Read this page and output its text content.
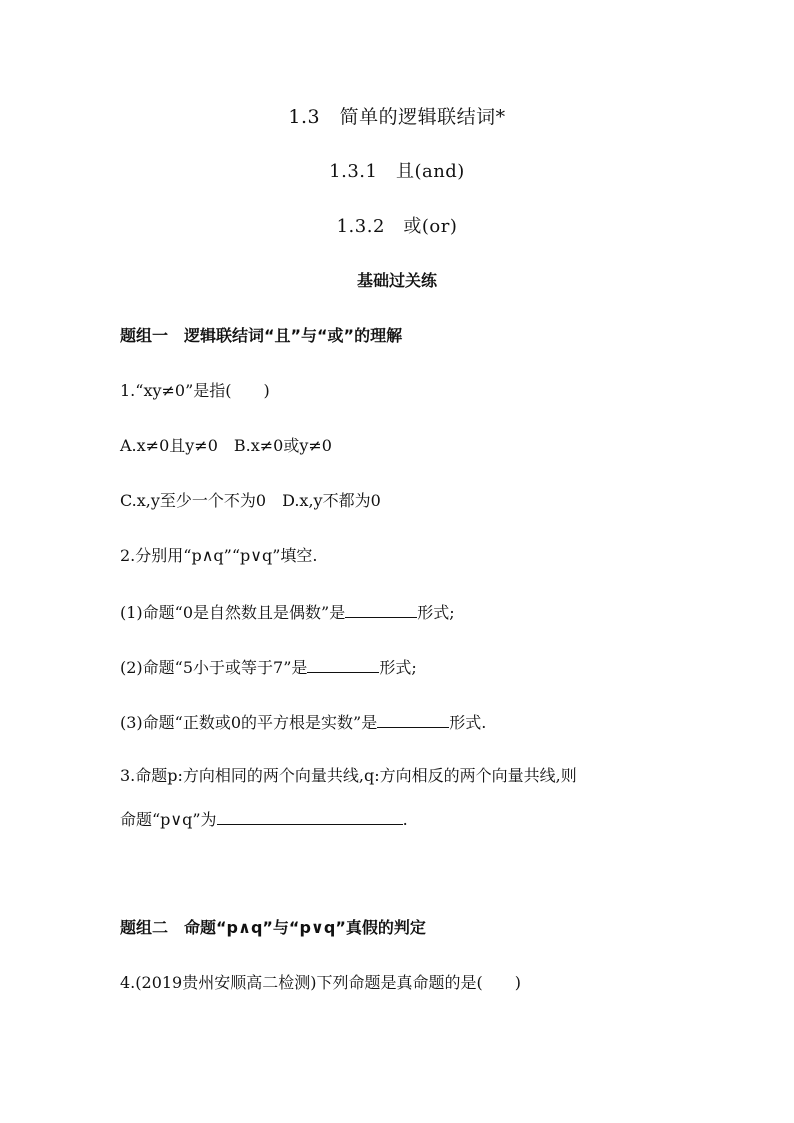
1.3　简单的逻辑联结词*
1.3.1　且(and)
1.3.2　或(or)
基础过关练
题组一　逻辑联结词“且”与“或”的理解
1.“xy≠0”是指(　　)
A.x≠0且y≠0　B.x≠0或y≠0
C.x,y至少一个不为0　D.x,y不都为0
2.分别用“p∧q”“p∨q”填空.
(1)命题“0是自然数且是偶数”是	形式;
(2)命题“5小于或等于7”是	形式;
(3)命题“正数或0的平方根是实数”是	形式.
3.命题p:方向相同的两个向量共线,q:方向相反的两个向量共线,则
命题“p∨q”为	.
题组二　命题“p∧q”与“p∨q”真假的判定
4.(2019贵州安顺高二检测)下列命题是真命题的是(　　)
